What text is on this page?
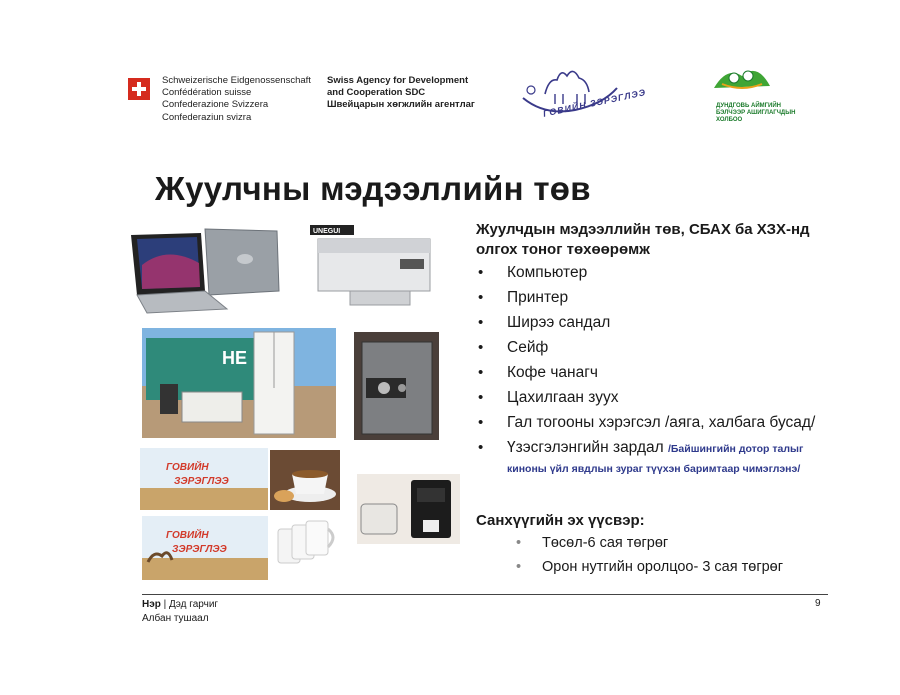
Schweizerische Eidgenossenschaft
Confédération suisse
Confederazione Svizzera
Confederaziun svizra
Swiss Agency for Development
and Cooperation SDC
Швейцарын хөгжлийн агентлаг	ГОВИЙН ЗЭРЭГЛЭЭ	ДУНДГОВЬ АЙМГИЙН
БЭЛЧЭЭР АШИГЛАГЧДЫН
ХОЛБОО
Жуулчны мэдээллийн төв
UNEGUI
НЕ
ГОВИЙН
ЗЭРЭГЛЭЭ
ГОВИЙН
ЗЭРЭГЛЭЭ
Жуулчдын мэдээллийн төв, СБАХ ба ХЗХ-нд олгох тоног төхөөрөмж
• Компьютер
• Принтер
• Ширээ сандал
• Сейф
• Кофе чанагч
• Цахилгаан зуух
• Гал тогооны хэрэгсэл /аяга, халбага бусад/
• Үзэсгэлэнгийн зардал /Байшингийн дотор талыг киноны үйл явдлын зураг түүхэн баримтаар чимэглэнэ/
Санхүүгийн эх үүсвэр:
• Төсөл-6 сая төгрөг
• Орон нутгийн оролцоо- 3 сая төгрөг
Нэр | Дэд гарчиг
Албан тушаал
9
